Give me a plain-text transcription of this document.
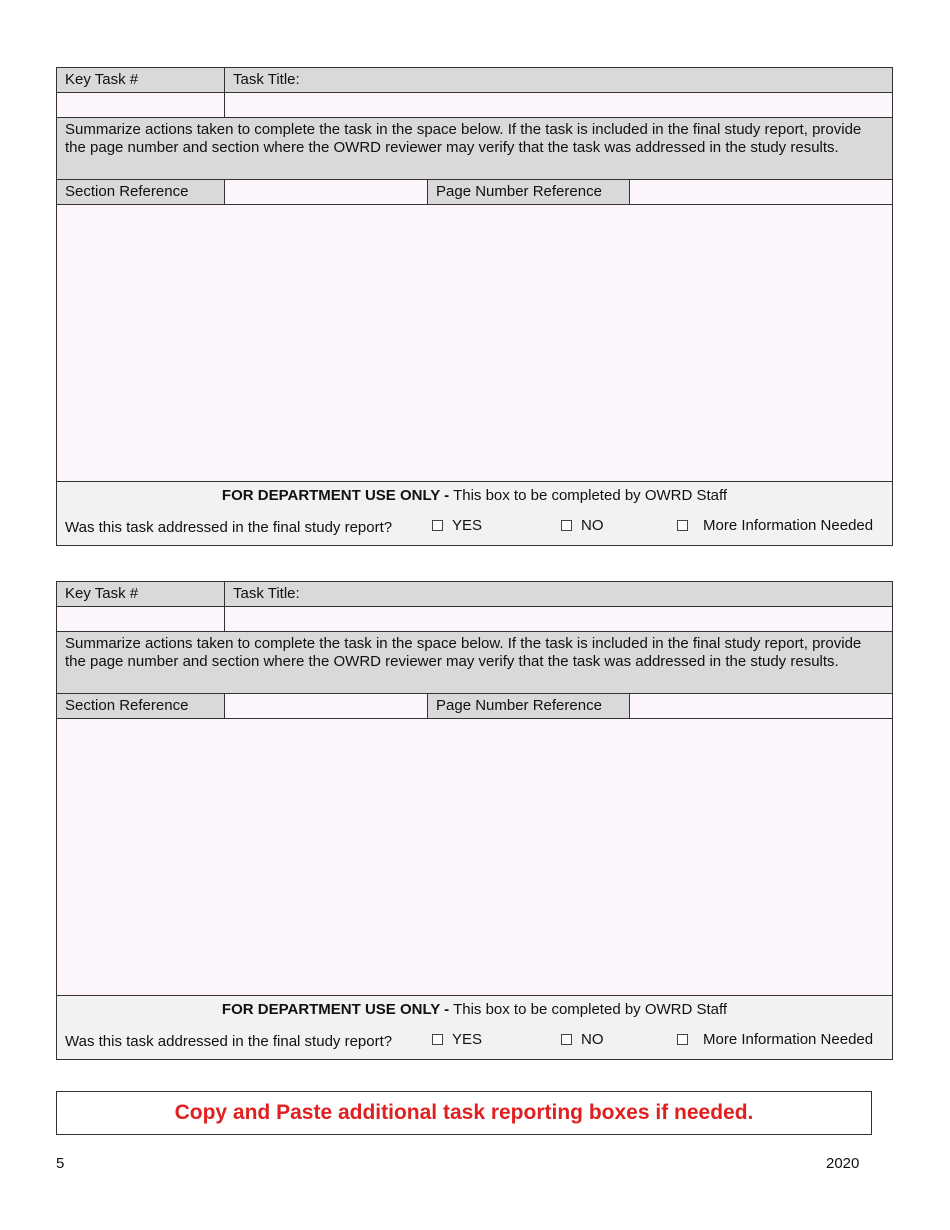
Key Task #	Task Title:
Summarize actions taken to complete the task in the space below. If the task is included in the final study report, provide the page number and section where the OWRD reviewer may verify that the task was addressed in the study results.
Section Reference	Page Number Reference
FOR DEPARTMENT USE ONLY - This box to be completed by OWRD Staff
Was this task addressed in the final study report?	YES	NO	More Information Needed
Key Task #	Task Title:
Summarize actions taken to complete the task in the space below. If the task is included in the final study report, provide the page number and section where the OWRD reviewer may verify that the task was addressed in the study results.
Section Reference	Page Number Reference
FOR DEPARTMENT USE ONLY - This box to be completed by OWRD Staff
Was this task addressed in the final study report?	YES	NO	More Information Needed
Copy and Paste additional task reporting boxes if needed.
5	2020
